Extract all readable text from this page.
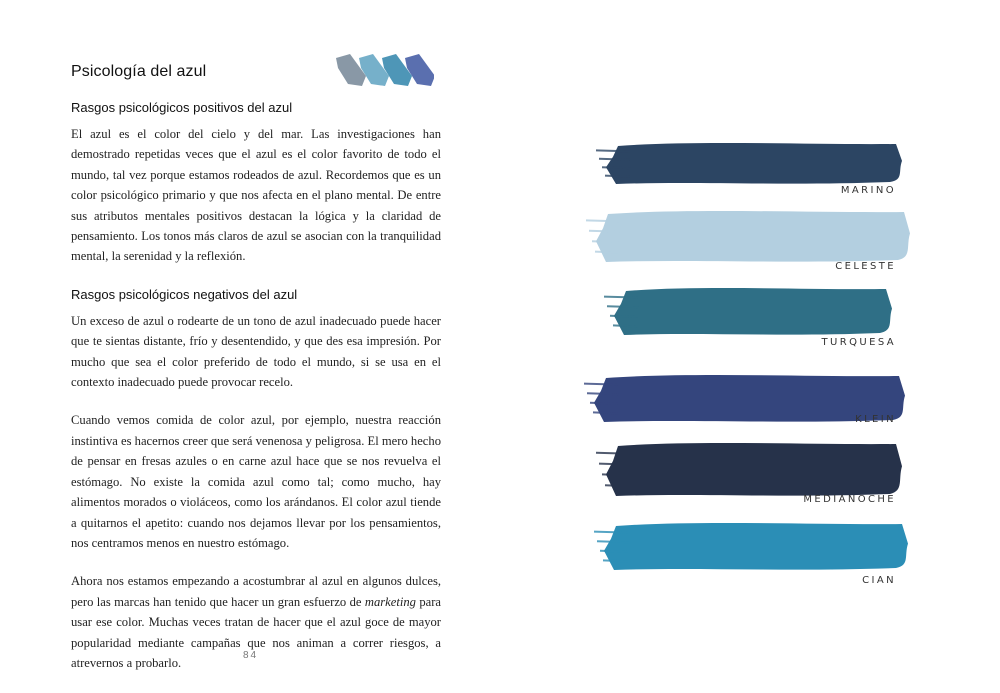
Psicología del azul
Rasgos psicológicos positivos del azul

El azul es el color del cielo y del mar. Las investigaciones han demostrado repetidas veces que el azul es el color favorito de todo el mundo, tal vez porque estamos rodeados de azul. Recordemos que es un color psicológico primario y que nos afecta en el plano mental. De entre sus atributos mentales positivos destacan la lógica y la claridad de pensamiento. Los tonos más claros de azul se asocian con la tranquilidad mental, la serenidad y la reflexión.

Rasgos psicológicos negativos del azul

Un exceso de azul o rodearte de un tono de azul inadecuado puede hacer que te sientas distante, frío y desentendido, y que des esa impresión. Por mucho que sea el color preferido de todo el mundo, si se usa en el contexto inadecuado puede provocar recelo.

Cuando vemos comida de color azul, por ejemplo, nuestra reacción instintiva es hacernos creer que será venenosa y peligrosa. El mero hecho de pensar en fresas azules o en carne azul hace que se nos revuelva el estómago. No existe la comida azul como tal; como mucho, hay alimentos morados o violáceos, como los arándanos. El color azul tiende a quitarnos el apetito: cuando nos dejamos llevar por los pensamientos, nos centramos menos en nuestro estómago.

Ahora nos estamos empezando a acostumbrar al azul en algunos dulces, pero las marcas han tenido que hacer un gran esfuerzo de marketing para usar ese color. Muchas veces tratan de hacer que el azul goce de mayor popularidad mediante campañas que nos animan a correr riesgos, a atrevernos a probarlo.

MARINO
CELESTE
TURQUESA
KLEIN
MEDIANOCHE
CIAN
84
